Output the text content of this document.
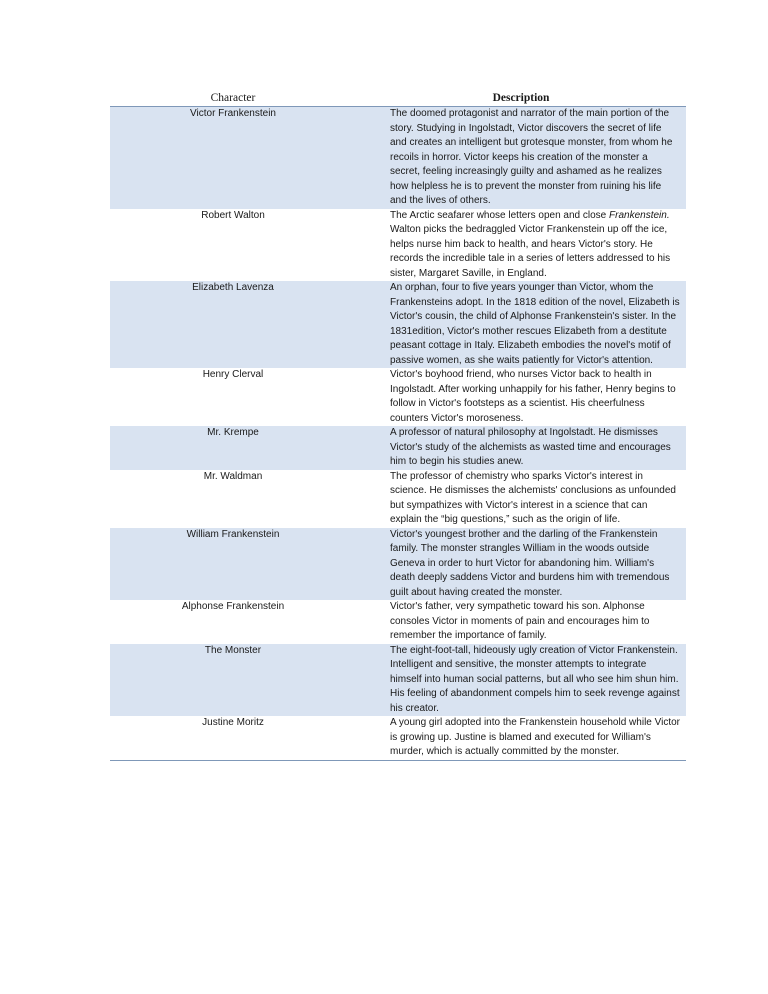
Character	Description
Victor Frankenstein	The doomed protagonist and narrator of the main portion of the story. Studying in Ingolstadt, Victor discovers the secret of life and creates an intelligent but grotesque monster, from whom he recoils in horror. Victor keeps his creation of the monster a secret, feeling increasingly guilty and ashamed as he realizes how helpless he is to prevent the monster from ruining his life and the lives of others.
Robert Walton	The Arctic seafarer whose letters open and close Frankenstein. Walton picks the bedraggled Victor Frankenstein up off the ice, helps nurse him back to health, and hears Victor's story. He records the incredible tale in a series of letters addressed to his sister, Margaret Saville, in England.
Elizabeth Lavenza	An orphan, four to five years younger than Victor, whom the Frankensteins adopt. In the 1818 edition of the novel, Elizabeth is Victor's cousin, the child of Alphonse Frankenstein's sister. In the 1831edition, Victor's mother rescues Elizabeth from a destitute peasant cottage in Italy. Elizabeth embodies the novel's motif of passive women, as she waits patiently for Victor's attention.
Henry Clerval	Victor's boyhood friend, who nurses Victor back to health in Ingolstadt. After working unhappily for his father, Henry begins to follow in Victor's footsteps as a scientist. His cheerfulness counters Victor's moroseness.
Mr. Krempe	A professor of natural philosophy at Ingolstadt. He dismisses Victor's study of the alchemists as wasted time and encourages him to begin his studies anew.
Mr. Waldman	The professor of chemistry who sparks Victor's interest in science. He dismisses the alchemists' conclusions as unfounded but sympathizes with Victor's interest in a science that can explain the “big questions,” such as the origin of life.
William Frankenstein	Victor's youngest brother and the darling of the Frankenstein family. The monster strangles William in the woods outside Geneva in order to hurt Victor for abandoning him. William's death deeply saddens Victor and burdens him with tremendous guilt about having created the monster.
Alphonse Frankenstein	Victor's father, very sympathetic toward his son. Alphonse consoles Victor in moments of pain and encourages him to remember the importance of family.
The Monster	The eight-foot-tall, hideously ugly creation of Victor Frankenstein. Intelligent and sensitive, the monster attempts to integrate himself into human social patterns, but all who see him shun him. His feeling of abandonment compels him to seek revenge against his creator.
Justine Moritz	A young girl adopted into the Frankenstein household while Victor is growing up. Justine is blamed and executed for William's murder, which is actually committed by the monster.
